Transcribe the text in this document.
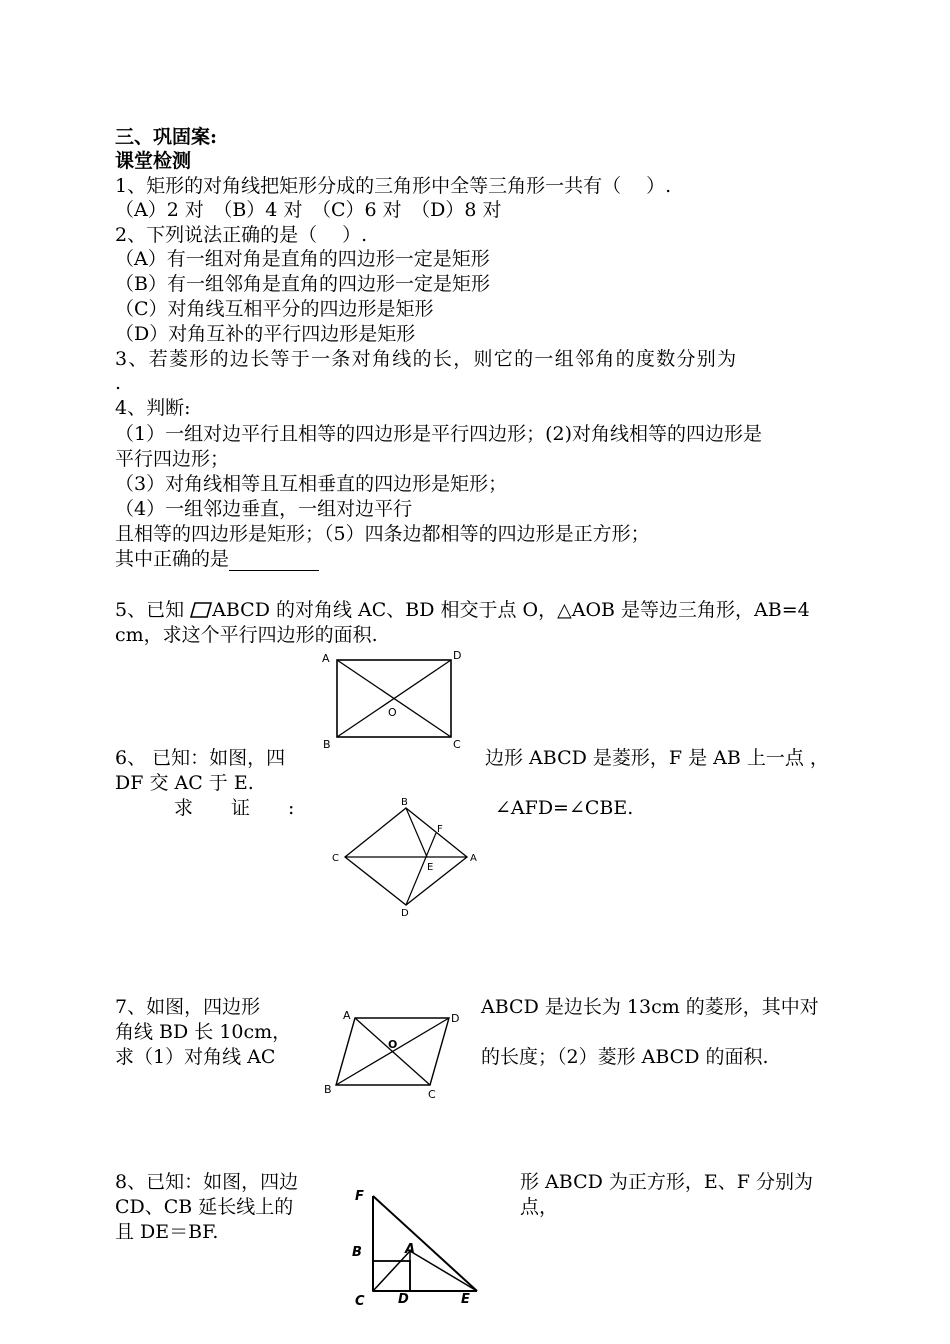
三、巩固案:
课堂检测
1、矩形的对角线把矩形分成的三角形中全等三角形一共有（　 ）.
（A）2 对　（B）4 对　（C）6 对　（D）8 对
2、下列说法正确的是（　 ）.
（A）有一组对角是直角的四边形一定是矩形
（B）有一组邻角是直角的四边形一定是矩形
（C）对角线互相平分的四边形是矩形
（D）对角互补的平行四边形是矩形
3、若菱形的边长等于一条对角线的长，则它的一组邻角的度数分别为
.
4、判断:
（1）一组对边平行且相等的四边形是平行四边形；(2)对角线相等的四边形是
平行四边形；
（3）对角线相等且互相垂直的四边形是矩形；
（4）一组邻边垂直，一组对边平行
且相等的四边形是矩形；（5）四条边都相等的四边形是正方形；
其中正确的是
5、已知 ABCD 的对角线 AC、BD 相交于点 O，△AOB 是等边三角形，AB=4
cm，求这个平行四边形的面积.
A	D
B	C
O
6、 已知：如图，四	边形 ABCD 是菱形，F 是 AB 上一点 ，
DF 交 AC 于 E.
求　　证　　:	∠AFD=∠CBE.
B
F
C
E
A
D
7、如图，四边形	ABCD 是边长为 13cm 的菱形，其中对
角线 BD 长 10cm，
求（1）对角线 AC	的长度；（2）菱形 ABCD 的面积.
A	D
O
B	C
8、已知：如图，四边	形 ABCD 为正方形，E、F 分别为
CD、CB 延长线上的	点，
且 DE＝BF.
F
B	A
C	D	E
